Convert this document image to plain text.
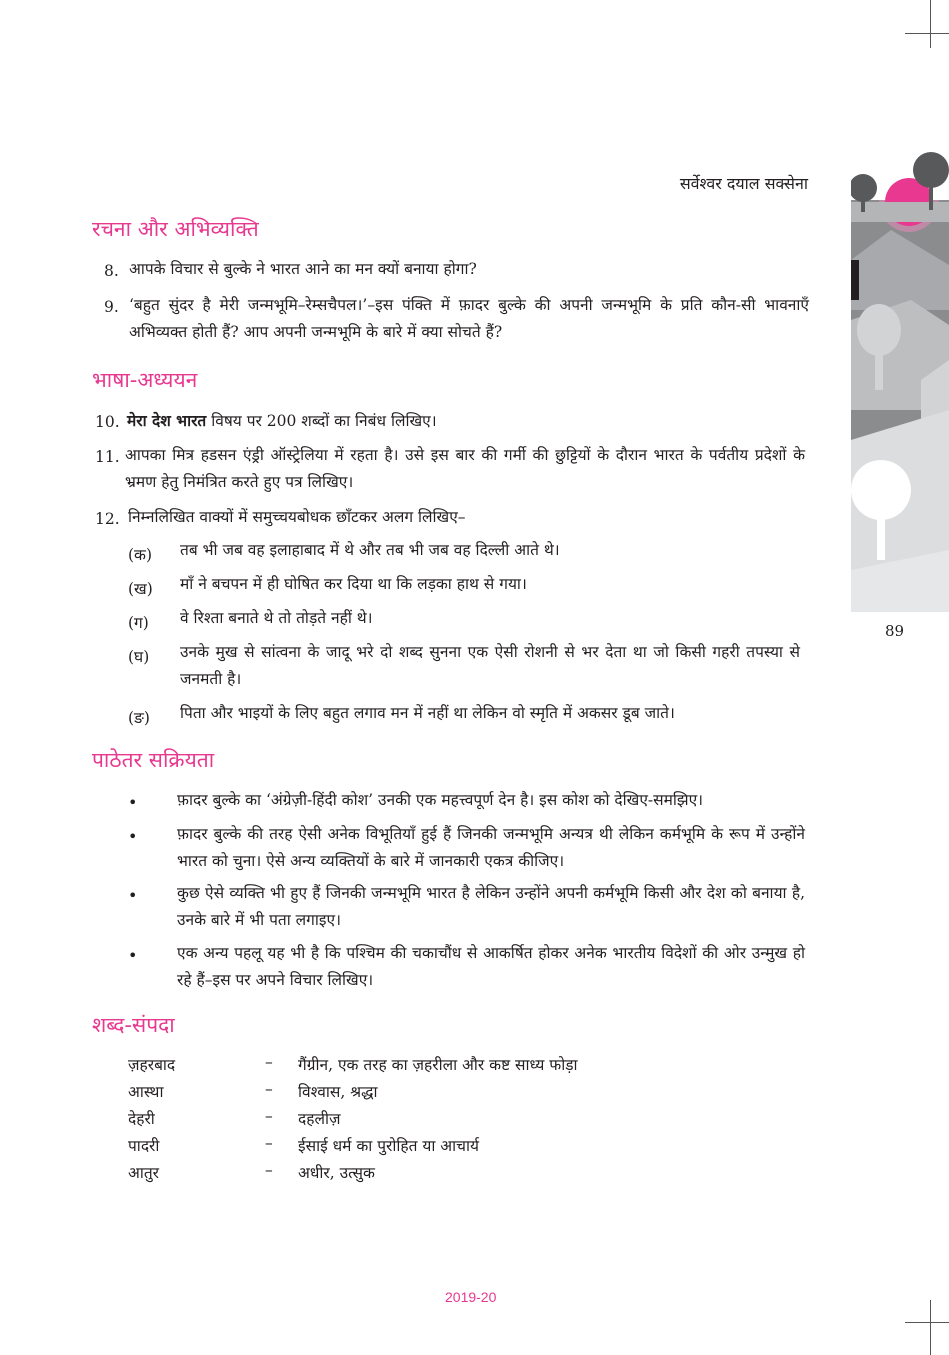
सर्वेश्वर दयाल सक्सेना
रचना और अभिव्यक्ति
8. आपके विचार से बुल्के ने भारत आने का मन क्यों बनाया होगा?
9. ‘बहुत सुंदर है मेरी जन्मभूमि–रेम्सचैपल।’–इस पंक्ति में फ़ादर बुल्के की अपनी जन्मभूमि के प्रति कौन-सी भावनाएँ अभिव्यक्त होती हैं? आप अपनी जन्मभूमि के बारे में क्या सोचते हैं?
भाषा-अध्ययन
10. मेरा देश भारत विषय पर 200 शब्दों का निबंध लिखिए।
11. आपका मित्र हडसन एंड्री ऑस्ट्रेलिया में रहता है। उसे इस बार की गर्मी की छुट्टियों के दौरान भारत के पर्वतीय प्रदेशों के भ्रमण हेतु निमंत्रित करते हुए पत्र लिखिए।
12. निम्नलिखित वाक्यों में समुच्चयबोधक छाँटकर अलग लिखिए–
(क) तब भी जब वह इलाहाबाद में थे और तब भी जब वह दिल्ली आते थे।
(ख) माँ ने बचपन में ही घोषित कर दिया था कि लड़का हाथ से गया।
(ग) वे रिश्ता बनाते थे तो तोड़ते नहीं थे।
(घ) उनके मुख से सांत्वना के जादू भरे दो शब्द सुनना एक ऐसी रोशनी से भर देता था जो किसी गहरी तपस्या से जनमती है।
(ङ) पिता और भाइयों के लिए बहुत लगाव मन में नहीं था लेकिन वो स्मृति में अकसर डूब जाते।
पाठेतर सक्रियता
•	फ़ादर बुल्के का ‘अंग्रेज़ी-हिंदी कोश’ उनकी एक महत्त्वपूर्ण देन है। इस कोश को देखिए-समझिए।
•	फ़ादर बुल्के की तरह ऐसी अनेक विभूतियाँ हुई हैं जिनकी जन्मभूमि अन्यत्र थी लेकिन कर्मभूमि के रूप में उन्होंने भारत को चुना। ऐसे अन्य व्यक्तियों के बारे में जानकारी एकत्र कीजिए।
•	कुछ ऐसे व्यक्ति भी हुए हैं जिनकी जन्मभूमि भारत है लेकिन उन्होंने अपनी कर्मभूमि किसी और देश को बनाया है, उनके बारे में भी पता लगाइए।
•	एक अन्य पहलू यह भी है कि पश्चिम की चकाचौंध से आकर्षित होकर अनेक भारतीय विदेशों की ओर उन्मुख हो रहे हैं–इस पर अपने विचार लिखिए।
शब्द-संपदा
ज़हरबाद	– गैंग्रीन, एक तरह का ज़हरीला और कष्ट साध्य फोड़ा
आस्था	– विश्वास, श्रद्धा
देहरी	– दहलीज़
पादरी	– ईसाई धर्म का पुरोहित या आचार्य
आतुर	– अधीर, उत्सुक
89
2019-20
